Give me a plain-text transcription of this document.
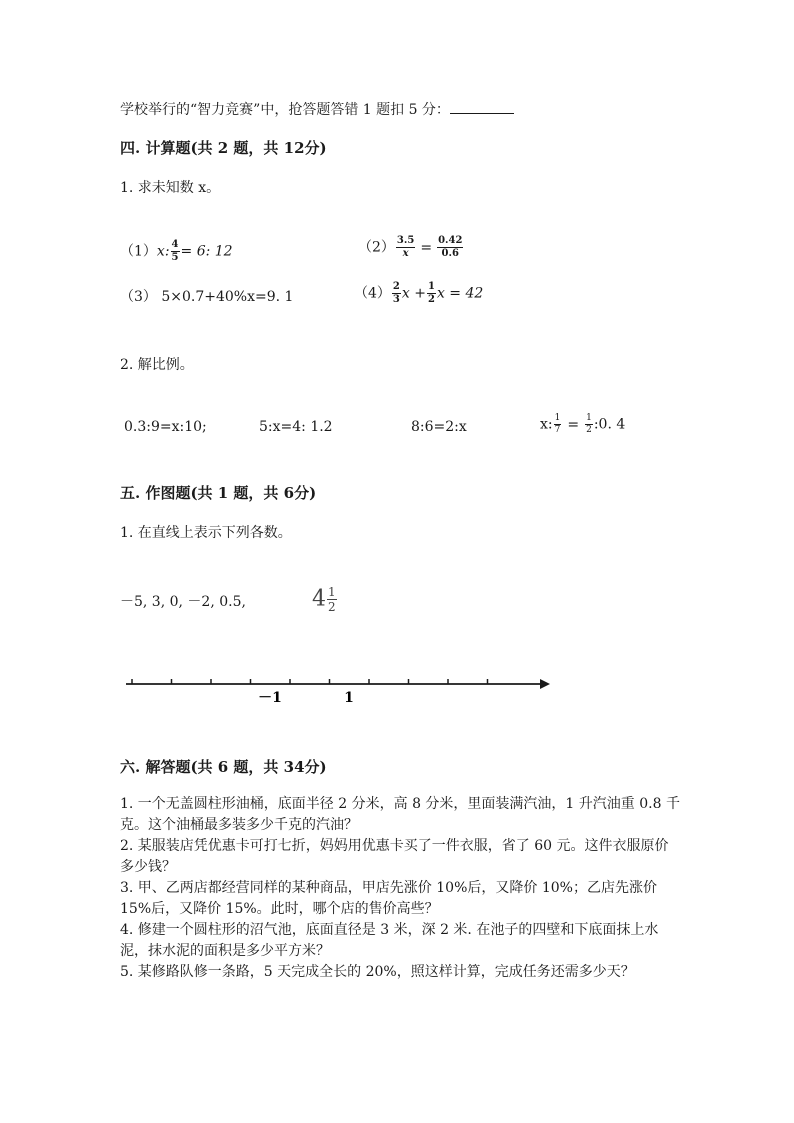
学校举行的“智力竞赛”中，抢答题答错 1 题扣 5 分：
四. 计算题(共 2 题，共 12分)
1. 求未知数 x。
（1）x: $\frac{4}{5} = 6$: 12	$(2) \frac{3.5}{x} = \frac{0.42}{0.6}$
（3） 5×0.7+40%x=9. 1	$(4) \frac{2}{3}$ $x + \frac{1}{2}$ x = 42
2. 解比例。
0.3:9=x:10;	5:x=4: 1.2	8:6=2:x	x: $\frac{1}{7} = \frac{1}{2}$ :0. 4
五. 作图题(共 1 题，共 6分)
1. 在直线上表示下列各数。
－5, 3, 0, －2, 0.5,	$4 \frac{1}{2}$
－1	1
六. 解答题(共 6 题，共 34分)
1. 一个无盖圆柱形油桶，底面半径 2 分米，高 8 分米，里面装满汽油，1 升汽油重 0.8 千克。这个油桶最多装多少千克的汽油？
2. 某服装店凭优惠卡可打七折，妈妈用优惠卡买了一件衣服，省了 60 元。这件衣服原价多少钱？
3. 甲、乙两店都经营同样的某种商品，甲店先涨价 10%后，又降价 10%；乙店先涨价 15%后，又降价 15%。此时，哪个店的售价高些？
4. 修建一个圆柱形的沼气池，底面直径是 3 米，深 2 米. 在池子的四壁和下底面抹上水泥，抹水泥的面积是多少平方米？
5. 某修路队修一条路，5 天完成全长的 20%，照这样计算，完成任务还需多少天？
